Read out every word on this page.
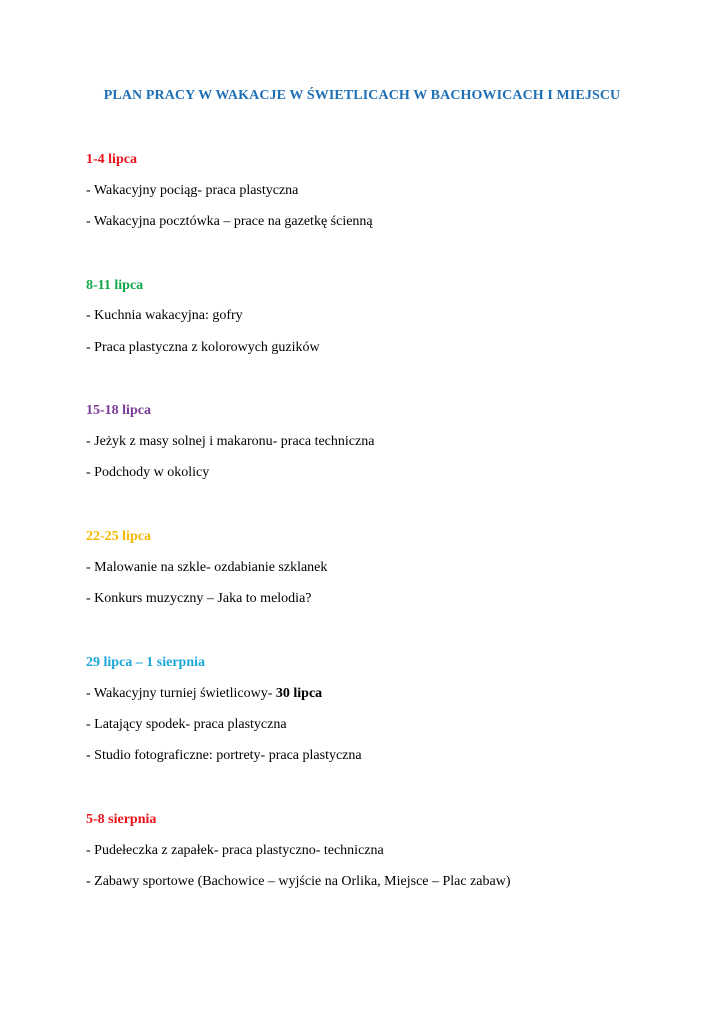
PLAN PRACY W WAKACJE W ŚWIETLICACH W BACHOWICACH I MIEJSCU
1-4 lipca
- Wakacyjny pociąg- praca plastyczna
- Wakacyjna pocztówka – prace na gazetkę ścienną
8-11 lipca
- Kuchnia wakacyjna: gofry
- Praca plastyczna z kolorowych guzików
15-18 lipca
- Jeżyk z masy solnej i makaronu- praca techniczna
- Podchody w okolicy
22-25 lipca
- Malowanie na szkle- ozdabianie szklanek
- Konkurs muzyczny – Jaka to melodia?
29 lipca – 1 sierpnia
- Wakacyjny turniej świetlicowy- 30 lipca
- Latający spodek- praca plastyczna
- Studio fotograficzne: portrety- praca plastyczna
5-8 sierpnia
- Pudełeczka z zapałek- praca plastyczno- techniczna
- Zabawy sportowe (Bachowice – wyjście na Orlika, Miejsce – Plac zabaw)
